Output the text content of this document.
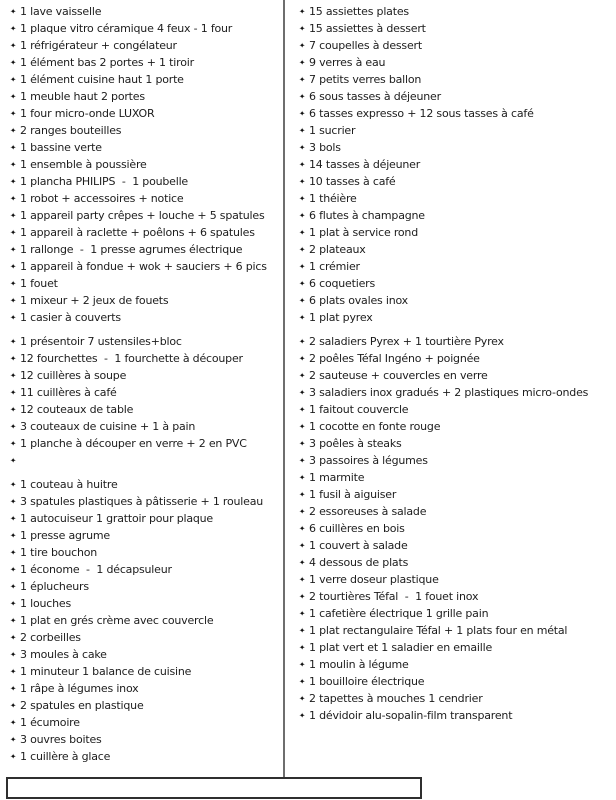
✦ 1 lave vaisselle
✦ 1 plaque vitro céramique 4 feux - 1 four
✦ 1 réfrigérateur + congélateur
✦ 1 élément bas 2 portes + 1 tiroir
✦ 1 élément cuisine haut 1 porte
✦ 1 meuble haut 2 portes
✦ 1 four micro-onde LUXOR
✦ 2 ranges bouteilles
✦ 1 bassine verte
✦ 1 ensemble à poussière
✦ 1 plancha PHILIPS  -  1 poubelle
✦ 1 robot + accessoires + notice
✦ 1 appareil party crêpes + louche + 5 spatules
✦ 1 appareil à raclette + poêlons + 6 spatules
✦ 1 rallonge  -  1 presse agrumes électrique
✦ 1 appareil à fondue + wok + sauciers + 6 pics
✦ 1 fouet
✦ 1 mixeur + 2 jeux de fouets
✦ 1 casier à couverts
✦ 1 présentoir 7 ustensiles+bloc
✦ 12 fourchettes  -  1 fourchette à découper
✦ 12 cuillères à soupe
✦ 11 cuillères à café
✦ 12 couteaux de table
✦ 3 couteaux de cuisine + 1 à pain
✦ 1 planche à découper en verre + 2 en PVC
✦
✦ 1 couteau à huitre
✦ 3 spatules plastiques à pâtisserie + 1 rouleau
✦ 1 autocuiseur 1 grattoir pour plaque
✦ 1 presse agrume
✦ 1 tire bouchon
✦ 1 économe  -  1 décapsuleur
✦ 1 éplucheurs
✦ 1 louches
✦ 1 plat en grés crème avec couvercle
✦ 2 corbeilles
✦ 3 moules à cake
✦ 1 minuteur 1 balance de cuisine
✦ 1 râpe à légumes inox
✦ 2 spatules en plastique
✦ 1 écumoire
✦ 3 ouvres boites
✦ 1 cuillère à glace
✦ 15 assiettes plates
✦ 15 assiettes à dessert
✦ 7 coupelles à dessert
✦ 9 verres à eau
✦ 7 petits verres ballon
✦ 6 sous tasses à déjeuner
✦ 6 tasses expresso + 12 sous tasses à café
✦ 1 sucrier
✦ 3 bols
✦ 14 tasses à déjeuner
✦ 10 tasses à café
✦ 1 théière
✦ 6 flutes à champagne
✦ 1 plat à service rond
✦ 2 plateaux
✦ 1 crémier
✦ 6 coquetiers
✦ 6 plats ovales inox
✦ 1 plat pyrex
✦ 2 saladiers Pyrex + 1 tourtière Pyrex
✦ 2 poêles Téfal Ingéno + poignée
✦ 2 sauteuse + couvercles en verre
✦ 3 saladiers inox gradués + 2 plastiques micro-ondes
✦ 1 faitout couvercle
✦ 1 cocotte en fonte rouge
✦ 3 poêles à steaks
✦ 3 passoires à légumes
✦ 1 marmite
✦ 1 fusil à aiguiser
✦ 2 essoreuses à salade
✦ 6 cuillères en bois
✦ 1 couvert à salade
✦ 4 dessous de plats
✦ 1 verre doseur plastique
✦ 2 tourtières Téfal  -  1 fouet inox
✦ 1 cafetière électrique 1 grille pain
✦ 1 plat rectangulaire Téfal + 1 plats four en métal
✦ 1 plat vert et 1 saladier en emaille
✦ 1 moulin à légume
✦ 1 bouilloire électrique
✦ 2 tapettes à mouches 1 cendrier
✦ 1 dévidoir alu-sopalin-film transparent
